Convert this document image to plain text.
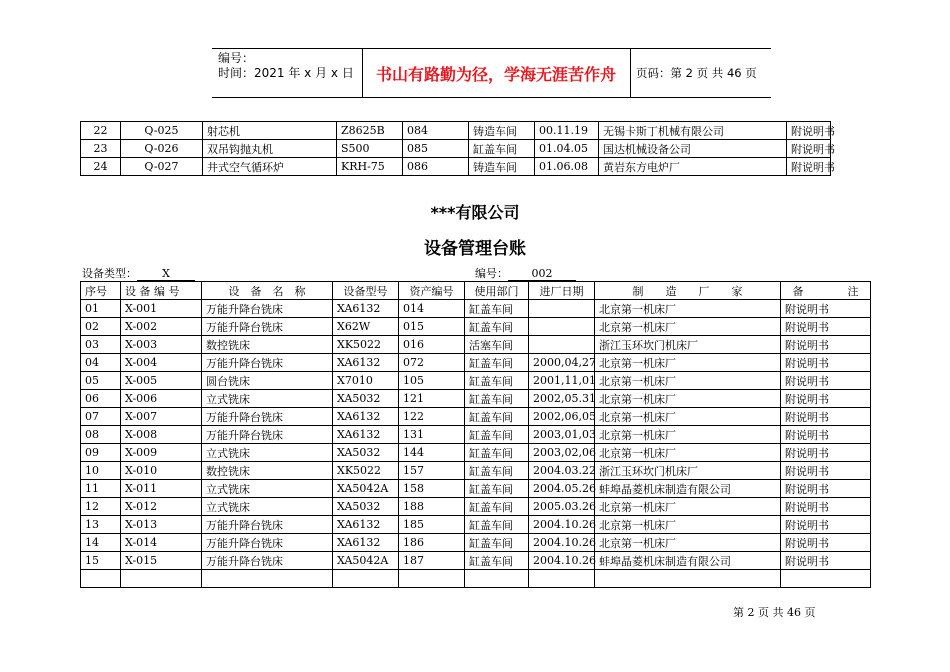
编号：
时间：2021 年 x 月 x 日	书山有路勤为径，学海无涯苦作舟	页码：第 2 页 共 46 页
22	Q-025	射芯机	Z8625B	084	铸造车间	00.11.19	无锡卡斯丁机械有限公司	附说明书
23	Q-026	双吊钩抛丸机	S500	085	缸盖车间	01.04.05	国达机械设备公司	附说明书
24	Q-027	井式空气循环炉	KRH-75	086	铸造车间	01.06.08	黄岩东方电炉厂	附说明书
***有限公司
设备管理台账
设备类型： X	编号： 002
序号	设 备 编 号	设　备　名　称	设备型号	资产编号	使用部门	进厂日期	制　　造　　厂　　家	备　　　　注
01	X-001	万能升降台铣床	XA6132	014	缸盖车间		北京第一机床厂	附说明书
02	X-002	万能升降台铣床	X62W	015	缸盖车间		北京第一机床厂	附说明书
03	X-003	数控铣床	XK5022	016	活塞车间		浙江玉环坎门机床厂	附说明书
04	X-004	万能升降台铣床	XA6132	072	缸盖车间	2000,04,27	北京第一机床厂	附说明书
05	X-005	圆台铣床	X7010	105	缸盖车间	2001,11,01	北京第一机床厂	附说明书
06	X-006	立式铣床	XA5032	121	缸盖车间	2002,05.31	北京第一机床厂	附说明书
07	X-007	万能升降台铣床	XA6132	122	缸盖车间	2002,06,05	北京第一机床厂	附说明书
08	X-008	万能升降台铣床	XA6132	131	缸盖车间	2003,01,03	北京第一机床厂	附说明书
09	X-009	立式铣床	XA5032	144	缸盖车间	2003,02,06	北京第一机床厂	附说明书
10	X-010	数控铣床	XK5022	157	缸盖车间	2004.03.22	浙江玉环坎门机床厂	附说明书
11	X-011	立式铣床	XA5042A	158	缸盖车间	2004.05.26	蚌埠晶菱机床制造有限公司	附说明书
12	X-012	立式铣床	XA5032	188	缸盖车间	2005.03.26	北京第一机床厂	附说明书
13	X-013	万能升降台铣床	XA6132	185	缸盖车间	2004.10.26	北京第一机床厂	附说明书
14	X-014	万能升降台铣床	XA6132	186	缸盖车间	2004.10.26	北京第一机床厂	附说明书
15	X-015	万能升降台铣床	XA5042A	187	缸盖车间	2004.10.26	蚌埠晶菱机床制造有限公司	附说明书

第 2 页 共 46 页
